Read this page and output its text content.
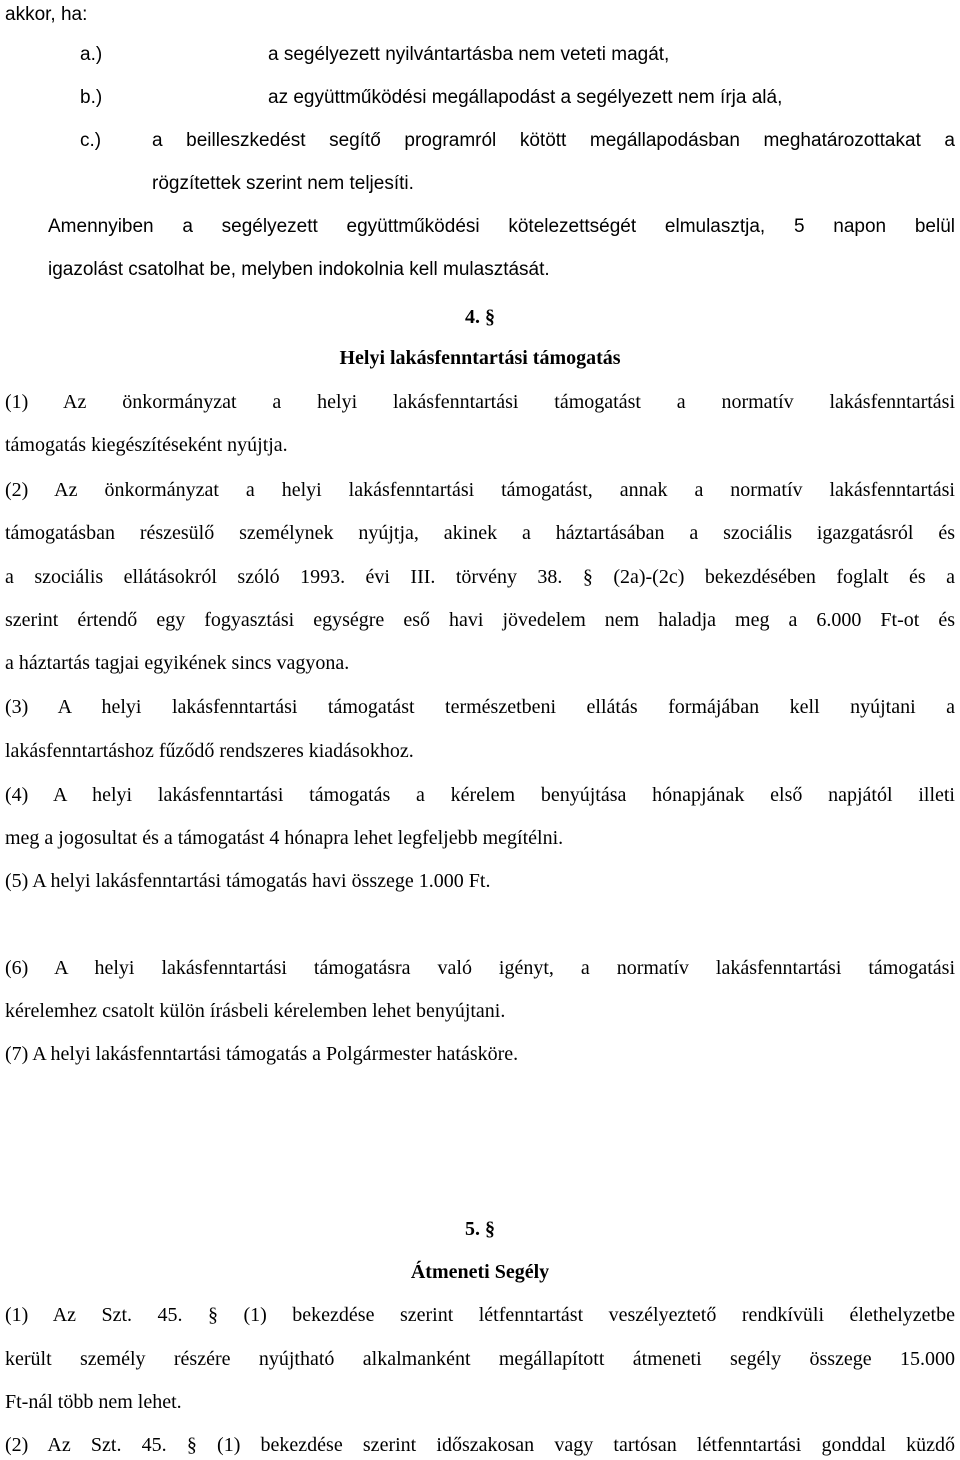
akkor, ha:
a.)	a segélyezett nyilvántartásba nem veteti magát,
b.)	az együttműködési megállapodást a segélyezett nem írja alá,
c.)	a beilleszkedést segítő programról kötött megállapodásban meghatározottakat a
rögzítettek szerint nem teljesíti.
Amennyiben a segélyezett együttműködési kötelezettségét elmulasztja, 5 napon belül
igazolást csatolhat be, melyben indokolnia kell mulasztását.
4. §
Helyi lakásfenntartási támogatás
(1) Az önkormányzat a helyi lakásfenntartási támogatást a normatív lakásfenntartási
támogatás kiegészítéseként nyújtja.
(2) Az önkormányzat a helyi lakásfenntartási támogatást, annak a normatív lakásfenntartási
támogatásban részesülő személynek nyújtja, akinek a háztartásában a szociális igazgatásról és
a szociális ellátásokról szóló 1993. évi III. törvény 38. § (2a)-(2c) bekezdésében foglalt és a
szerint értendő egy fogyasztási egységre eső havi jövedelem nem haladja meg a 6.000 Ft-ot és
a háztartás tagjai egyikének sincs vagyona.
(3) A helyi lakásfenntartási támogatást természetbeni ellátás formájában kell nyújtani a
lakásfenntartáshoz fűződő rendszeres kiadásokhoz.
(4) A helyi lakásfenntartási támogatás a kérelem benyújtása hónapjának első napjától illeti
meg a jogosultat és a támogatást 4 hónapra lehet legfeljebb megítélni.
(5) A helyi lakásfenntartási támogatás havi összege 1.000 Ft.
(6) A helyi lakásfenntartási támogatásra való igényt, a normatív lakásfenntartási támogatási
kérelemhez csatolt külön írásbeli kérelemben lehet benyújtani.
(7) A helyi lakásfenntartási támogatás a Polgármester hatásköre.
5. §
Átmeneti Segély
(1) Az Szt. 45. § (1) bekezdése szerint létfenntartást veszélyeztető rendkívüli élethelyzetbe
került személy részére nyújtható alkalmanként megállapított átmeneti segély összege 15.000
Ft-nál több nem lehet.
(2) Az Szt. 45. § (1) bekezdése szerint időszakosan vagy tartósan létfenntartási gonddal küzdő
